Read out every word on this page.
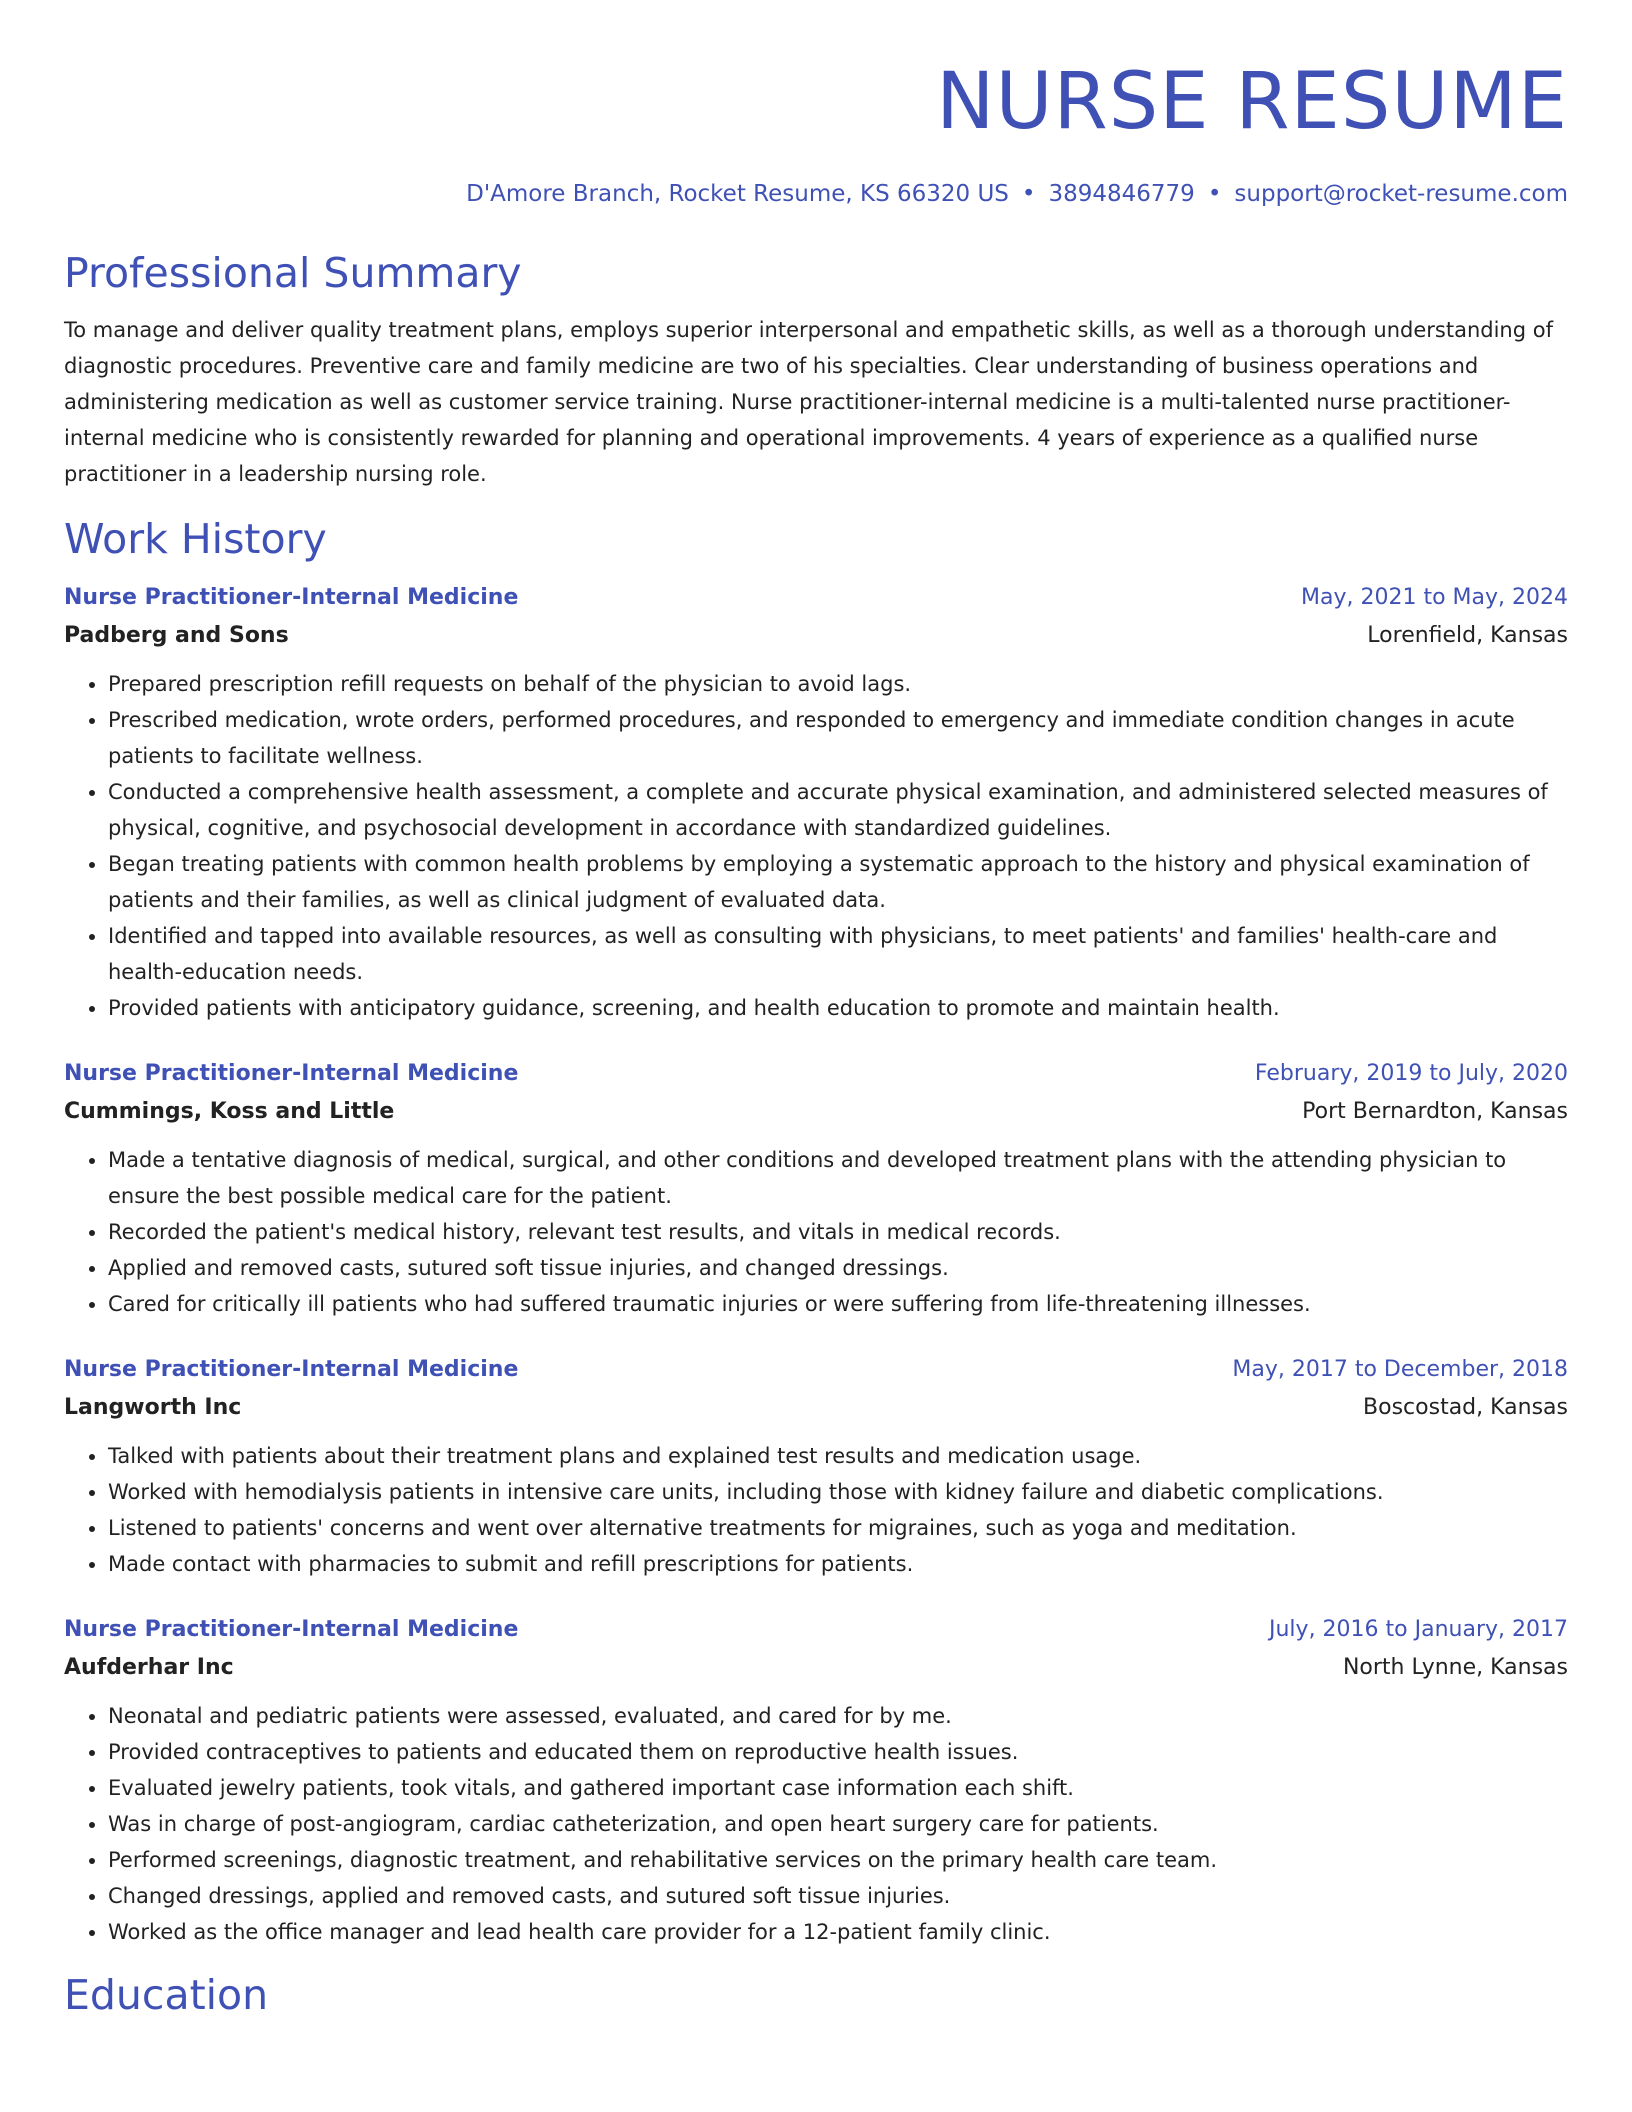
NURSE RESUME
D'Amore Branch, Rocket Resume, KS 66320 US • 3894846779 • support@rocket-resume.com
Professional Summary
To manage and deliver quality treatment plans, employs superior interpersonal and empathetic skills, as well as a thorough understanding of diagnostic procedures. Preventive care and family medicine are two of his specialties. Clear understanding of business operations and administering medication as well as customer service training. Nurse practitioner-internal medicine is a multi-talented nurse practitioner-internal medicine who is consistently rewarded for planning and operational improvements. 4 years of experience as a qualified nurse practitioner in a leadership nursing role.
Work History
Nurse Practitioner-Internal Medicine	May, 2021 to May, 2024
Padberg and Sons	Lorenfield, Kansas
• Prepared prescription refill requests on behalf of the physician to avoid lags.
• Prescribed medication, wrote orders, performed procedures, and responded to emergency and immediate condition changes in acute patients to facilitate wellness.
• Conducted a comprehensive health assessment, a complete and accurate physical examination, and administered selected measures of physical, cognitive, and psychosocial development in accordance with standardized guidelines.
• Began treating patients with common health problems by employing a systematic approach to the history and physical examination of patients and their families, as well as clinical judgment of evaluated data.
• Identified and tapped into available resources, as well as consulting with physicians, to meet patients' and families' health-care and health-education needs.
• Provided patients with anticipatory guidance, screening, and health education to promote and maintain health.
Nurse Practitioner-Internal Medicine	February, 2019 to July, 2020
Cummings, Koss and Little	Port Bernardton, Kansas
• Made a tentative diagnosis of medical, surgical, and other conditions and developed treatment plans with the attending physician to ensure the best possible medical care for the patient.
• Recorded the patient's medical history, relevant test results, and vitals in medical records.
• Applied and removed casts, sutured soft tissue injuries, and changed dressings.
• Cared for critically ill patients who had suffered traumatic injuries or were suffering from life-threatening illnesses.
Nurse Practitioner-Internal Medicine	May, 2017 to December, 2018
Langworth Inc	Boscostad, Kansas
• Talked with patients about their treatment plans and explained test results and medication usage.
• Worked with hemodialysis patients in intensive care units, including those with kidney failure and diabetic complications.
• Listened to patients' concerns and went over alternative treatments for migraines, such as yoga and meditation.
• Made contact with pharmacies to submit and refill prescriptions for patients.
Nurse Practitioner-Internal Medicine	July, 2016 to January, 2017
Aufderhar Inc	North Lynne, Kansas
• Neonatal and pediatric patients were assessed, evaluated, and cared for by me.
• Provided contraceptives to patients and educated them on reproductive health issues.
• Evaluated jewelry patients, took vitals, and gathered important case information each shift.
• Was in charge of post-angiogram, cardiac catheterization, and open heart surgery care for patients.
• Performed screenings, diagnostic treatment, and rehabilitative services on the primary health care team.
• Changed dressings, applied and removed casts, and sutured soft tissue injuries.
• Worked as the office manager and lead health care provider for a 12-patient family clinic.
Education
